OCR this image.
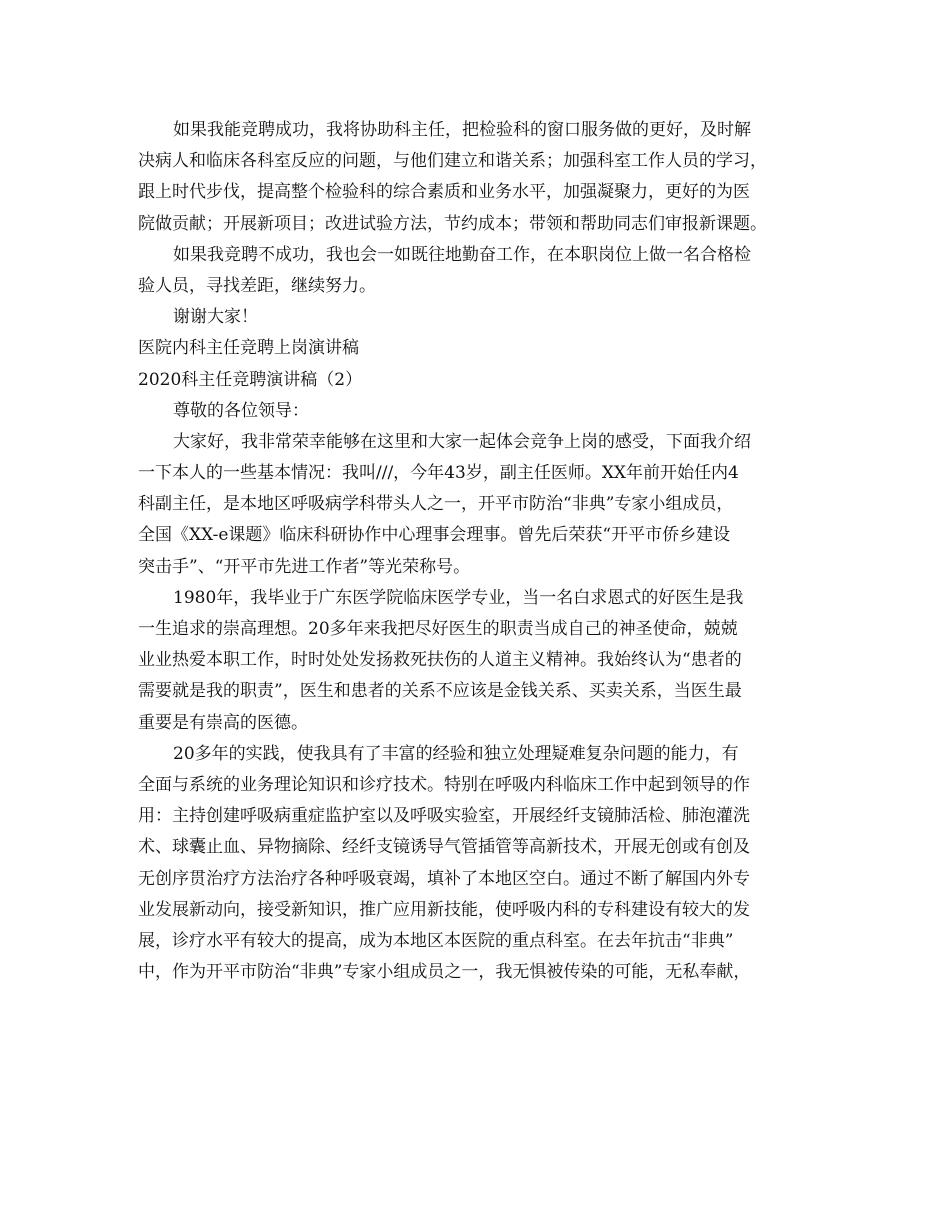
如果我能竞聘成功，我将协助科主任，把检验科的窗口服务做的更好，及时解
决病人和临床各科室反应的问题，与他们建立和谐关系；加强科室工作人员的学习，
跟上时代步伐，提高整个检验科的综合素质和业务水平，加强凝聚力，更好的为医
院做贡献；开展新项目；改进试验方法，节约成本；带领和帮助同志们审报新课题。
如果我竞聘不成功，我也会一如既往地勤奋工作，在本职岗位上做一名合格检
验人员，寻找差距，继续努力。
谢谢大家！
医院内科主任竞聘上岗演讲稿
2020科主任竞聘演讲稿（2）
尊敬的各位领导：
大家好，我非常荣幸能够在这里和大家一起体会竞争上岗的感受，下面我介绍
一下本人的一些基本情况：我叫///，今年43岁，副主任医师。XX年前开始任内4
科副主任，是本地区呼吸病学科带头人之一，开平市防治“非典”专家小组成员，
全国《XX-e课题》临床科研协作中心理事会理事。曾先后荣获“开平市侨乡建设
突击手”、“开平市先进工作者”等光荣称号。
1980年，我毕业于广东医学院临床医学专业，当一名白求恩式的好医生是我
一生追求的崇高理想。20多年来我把尽好医生的职责当成自己的神圣使命，兢兢
业业热爱本职工作，时时处处发扬救死扶伤的人道主义精神。我始终认为“患者的
需要就是我的职责”，医生和患者的关系不应该是金钱关系、买卖关系，当医生最
重要是有崇高的医德。
20多年的实践，使我具有了丰富的经验和独立处理疑难复杂问题的能力，有
全面与系统的业务理论知识和诊疗技术。特别在呼吸内科临床工作中起到领导的作
用：主持创建呼吸病重症监护室以及呼吸实验室，开展经纤支镜肺活检、肺泡灌洗
术、球囊止血、异物摘除、经纤支镜诱导气管插管等高新技术，开展无创或有创及
无创序贯治疗方法治疗各种呼吸衰竭，填补了本地区空白。通过不断了解国内外专
业发展新动向，接受新知识，推广应用新技能，使呼吸内科的专科建设有较大的发
展，诊疗水平有较大的提高，成为本地区本医院的重点科室。在去年抗击“非典”
中，作为开平市防治“非典”专家小组成员之一，我无惧被传染的可能，无私奉献，
